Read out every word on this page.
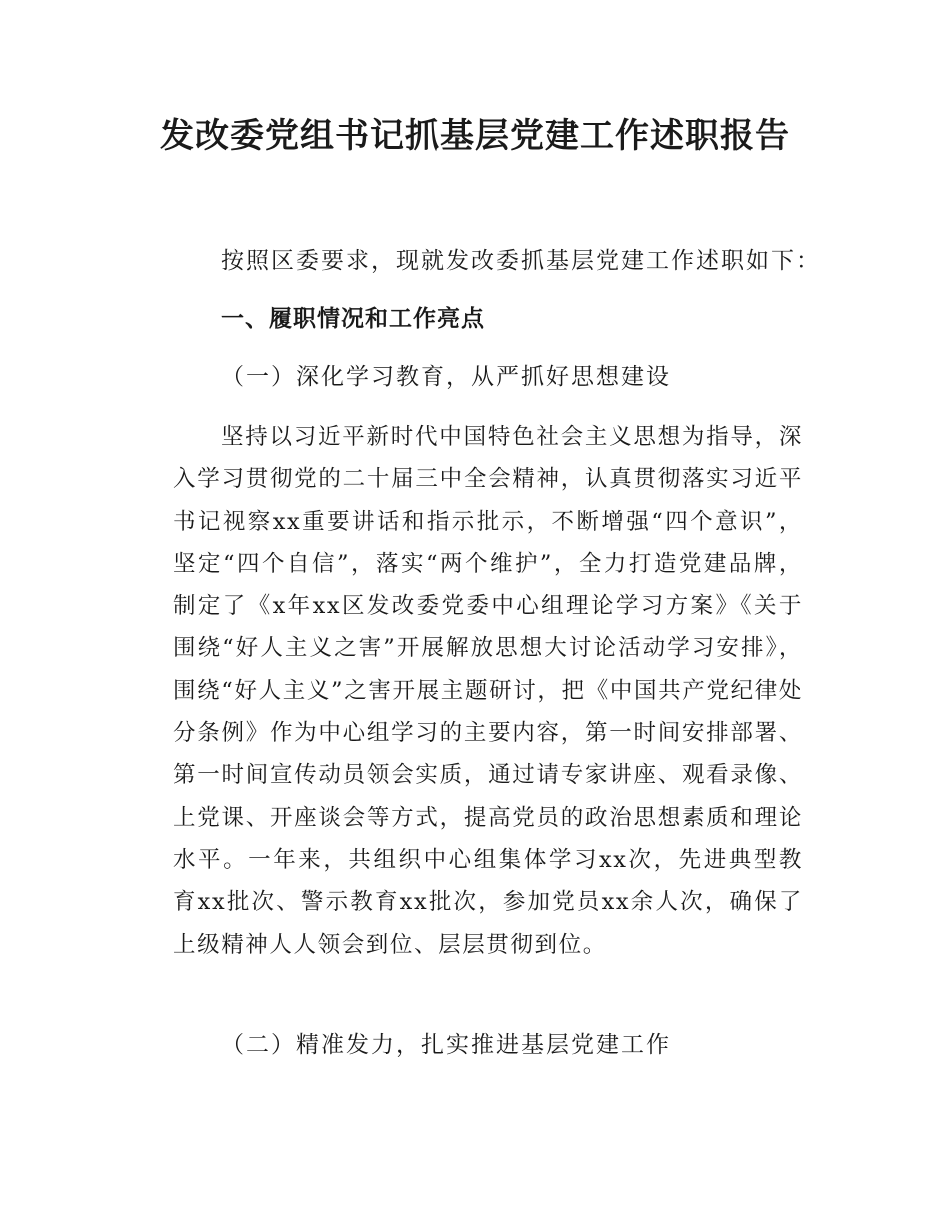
发改委党组书记抓基层党建工作述职报告

按照区委要求，现就发改委抓基层党建工作述职如下：

一、履职情况和工作亮点

（一）深化学习教育，从严抓好思想建设

坚持以习近平新时代中国特色社会主义思想为指导，深入学习贯彻党的二十届三中全会精神，认真贯彻落实习近平书记视察xx重要讲话和指示批示，不断增强“四个意识”，坚定“四个自信”，落实“两个维护”，全力打造党建品牌，制定了《x年xx区发改委党委中心组理论学习方案》《关于围绕“好人主义之害”开展解放思想大讨论活动学习安排》，围绕“好人主义”之害开展主题研讨，把《中国共产党纪律处分条例》作为中心组学习的主要内容，第一时间安排部署、第一时间宣传动员领会实质，通过请专家讲座、观看录像、上党课、开座谈会等方式，提高党员的政治思想素质和理论水平。一年来，共组织中心组集体学习xx次，先进典型教育xx批次、警示教育xx批次，参加党员xx余人次，确保了上级精神人人领会到位、层层贯彻到位。

（二）精准发力，扎实推进基层党建工作
